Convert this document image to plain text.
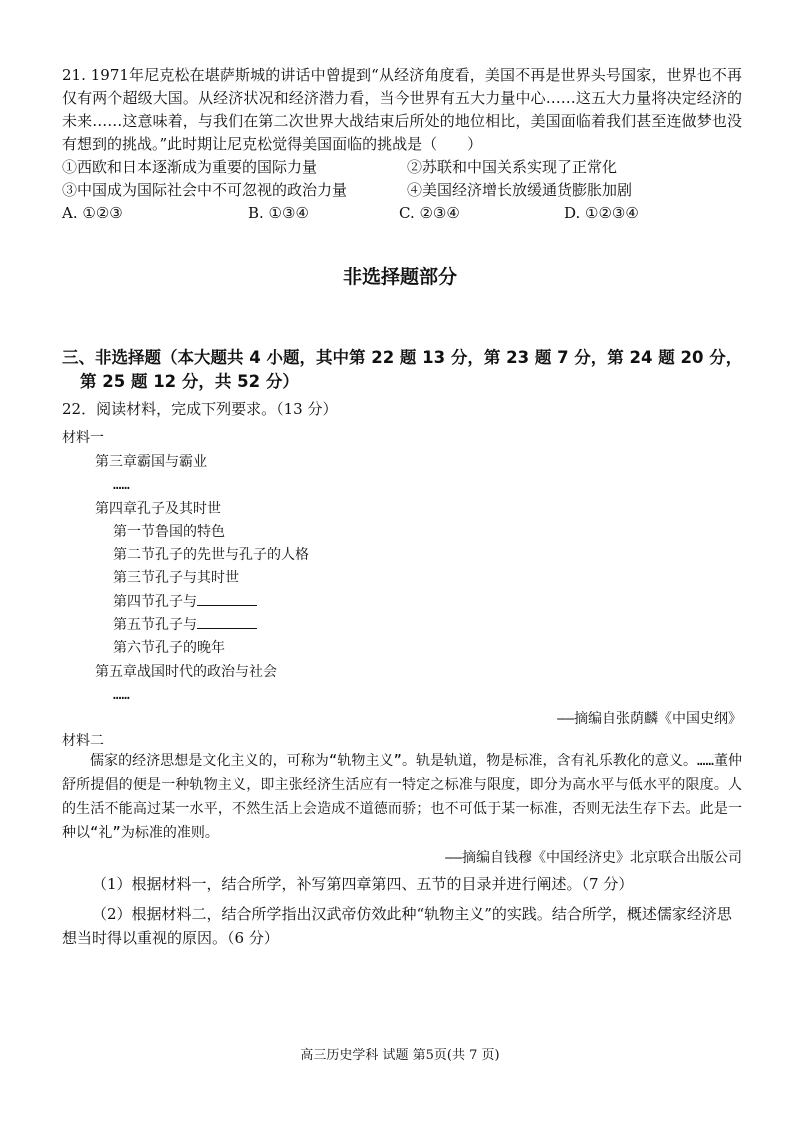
21. 1971年尼克松在堪萨斯城的讲话中曾提到“从经济角度看，美国不再是世界头号国家，世界也不再仅有两个超级大国。从经济状况和经济潜力看，当今世界有五大力量中心……这五大力量将决定经济的未来……这意味着，与我们在第二次世界大战结束后所处的地位相比，美国面临着我们甚至连做梦也没有想到的挑战。”此时期让尼克松觉得美国面临的挑战是（　　）

①西欧和日本逐渐成为重要的国际力量	②苏联和中国关系实现了正常化
③中国成为国际社会中不可忽视的政治力量	④美国经济增长放缓通货膨胀加剧
A. ①②③	B. ①③④	C. ②③④	D. ①②③④
非选择题部分
三、非选择题（本大题共 4 小题，其中第 22 题 13 分，第 23 题 7 分，第 24 题 20 分，
第 25 题 12 分，共 52 分）
22．阅读材料，完成下列要求。（13 分）
材料一
第三章霸国与霸业
……
第四章孔子及其时世
第一节鲁国的特色
第二节孔子的先世与孔子的人格
第三节孔子与其时世
第四节孔子与
第五节孔子与
第六节孔子的晚年
第五章战国时代的政治与社会
……
——摘编自张荫麟《中国史纲》
材料二
儒家的经济思想是文化主义的，可称为“轨物主义”。轨是轨道，物是标准，含有礼乐教化的意义。……董仲舒所提倡的便是一种轨物主义，即主张经济生活应有一特定之标准与限度，即分为高水平与低水平的限度。人的生活不能高过某一水平，不然生活上会造成不道德而骄；也不可低于某一标准，否则无法生存下去。此是一种以“礼”为标准的准则。
——摘编自钱穆《中国经济史》北京联合出版公司
（1）根据材料一，结合所学，补写第四章第四、五节的目录并进行阐述。（7 分）
（2）根据材料二，结合所学指出汉武帝仿效此种“轨物主义”的实践。结合所学，概述儒家经济思想当时得以重视的原因。（6 分）
高三历史学科 试题 第5页(共 7 页)
